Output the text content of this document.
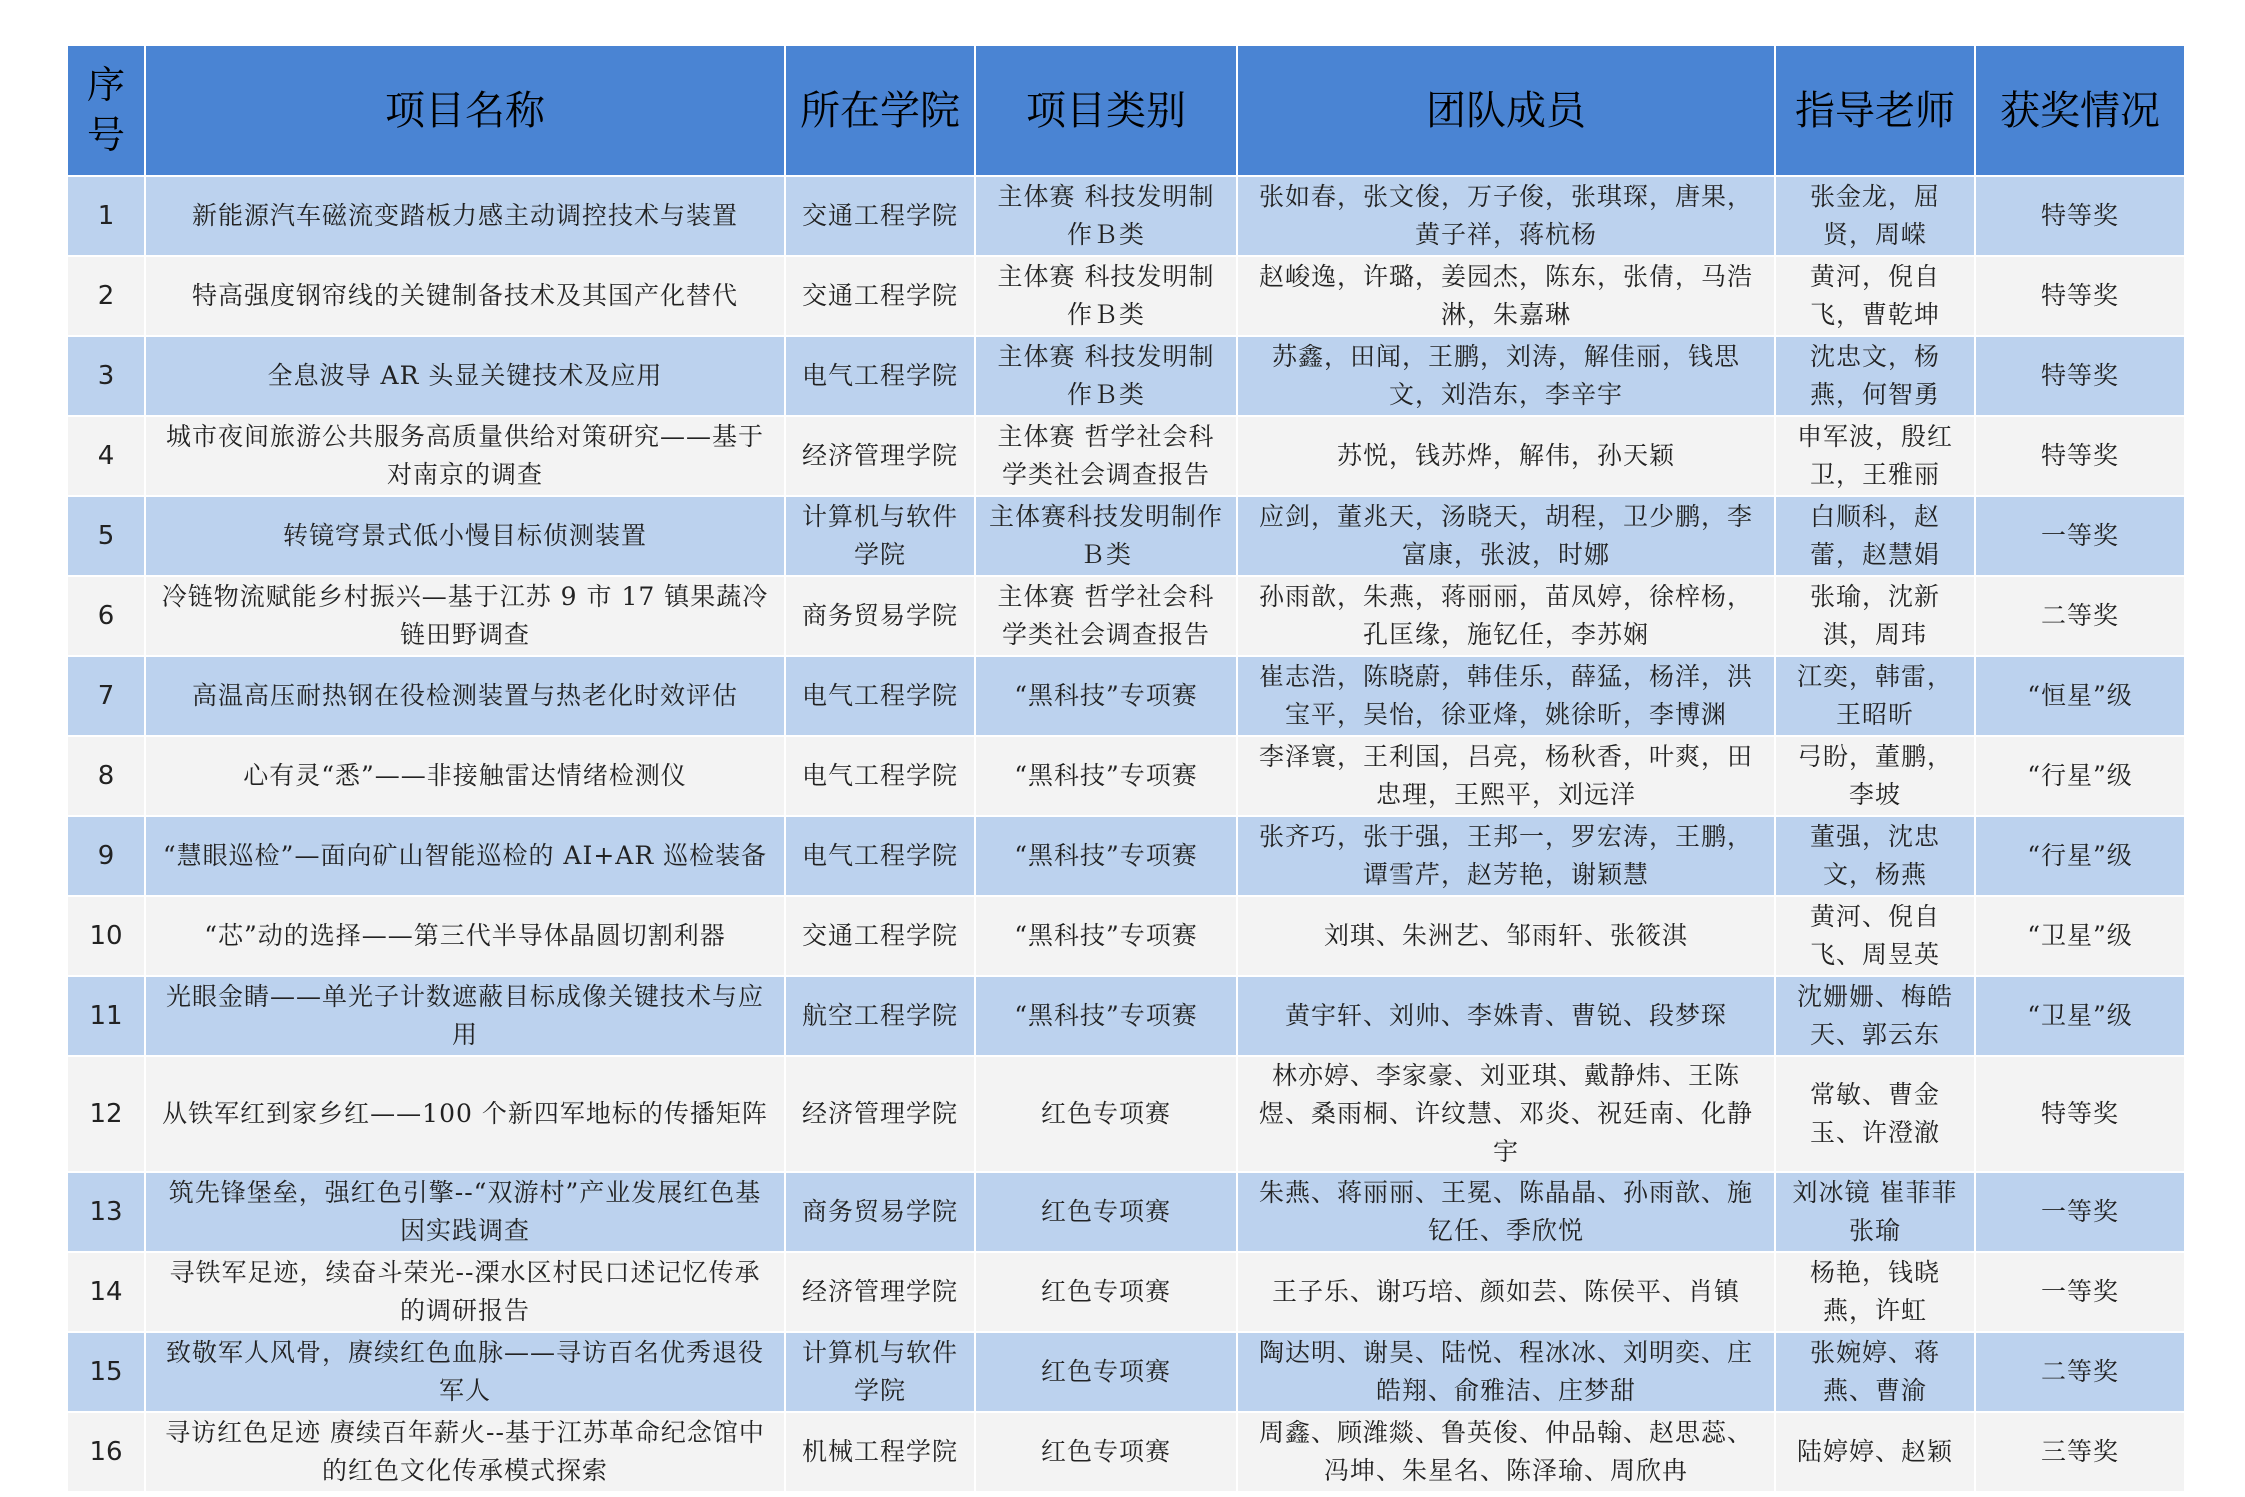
序号	项目名称	所在学院	项目类别	团队成员	指导老师	获奖情况
1	新能源汽车磁流变踏板力感主动调控技术与装置	交通工程学院	主体赛 科技发明制作Ｂ类	张如春，张文俊，万子俊，张琪琛，唐果，黄子祥，蒋杭杨	张金龙，屈贤，周嵘	特等奖
2	特高强度钢帘线的关键制备技术及其国产化替代	交通工程学院	主体赛 科技发明制作Ｂ类	赵峻逸，许璐，姜园杰，陈东，张倩，马浩淋，朱嘉琳	黄河，倪自飞，曹乾坤	特等奖
3	全息波导 AR 头显关键技术及应用	电气工程学院	主体赛 科技发明制作Ｂ类	苏鑫，田闻，王鹏，刘涛，解佳丽，钱思文，刘浩东，李辛宇	沈忠文，杨燕，何智勇	特等奖
4	城市夜间旅游公共服务高质量供给对策研究——基于对南京的调查	经济管理学院	主体赛 哲学社会科学类社会调查报告	苏悦，钱苏烨，解伟，孙天颖	申军波，殷红卫，王雅丽	特等奖
5	转镜穹景式低小慢目标侦测装置	计算机与软件学院	主体赛科技发明制作Ｂ类	应剑，董兆天，汤晓天，胡程，卫少鹏，李富康，张波，时娜	白顺科，赵蕾，赵慧娟	一等奖
6	冷链物流赋能乡村振兴—基于江苏 9 市 17 镇果蔬冷链田野调查	商务贸易学院	主体赛 哲学社会科学类社会调查报告	孙雨歆，朱燕，蒋丽丽，苗凤婷，徐梓杨，孔匡缘，施钇任，李苏娴	张瑜，沈新淇，周玮	二等奖
7	高温高压耐热钢在役检测装置与热老化时效评估	电气工程学院	“黑科技”专项赛	崔志浩，陈晓蔚，韩佳乐，薛猛，杨洋，洪宝平，吴怡，徐亚烽，姚徐昕，李博渊	江奕，韩雷，王昭昕	“恒星”级
8	心有灵“悉”——非接触雷达情绪检测仪	电气工程学院	“黑科技”专项赛	李泽寰，王利国，吕亮，杨秋香，叶爽，田忠理，王熙平，刘远洋	弓盼，董鹏，李坡	“行星”级
9	“慧眼巡检”—面向矿山智能巡检的 AI+AR 巡检装备	电气工程学院	“黑科技”专项赛	张齐巧，张于强，王邦一，罗宏涛，王鹏，谭雪芹，赵芳艳，谢颖慧	董强，沈忠文，杨燕	“行星”级
10	“芯”动的选择——第三代半导体晶圆切割利器	交通工程学院	“黑科技”专项赛	刘琪、朱洲艺、邹雨轩、张筱淇	黄河、倪自飞、周昱英	“卫星”级
11	光眼金睛——单光子计数遮蔽目标成像关键技术与应用	航空工程学院	“黑科技”专项赛	黄宇轩、刘帅、李姝青、曹锐、段梦琛	沈姗姗、梅皓天、郭云东	“卫星”级
12	从铁军红到家乡红——100 个新四军地标的传播矩阵	经济管理学院	红色专项赛	林亦婷、李家豪、刘亚琪、戴静炜、王陈煜、桑雨桐、许纹慧、邓炎、祝廷南、化静宇	常敏、曹金玉、许澄澈	特等奖
13	筑先锋堡垒，强红色引擎--“双游村”产业发展红色基因实践调查	商务贸易学院	红色专项赛	朱燕、蒋丽丽、王冕、陈晶晶、孙雨歆、施钇任、季欣悦	刘冰镜 崔菲菲 张瑜	一等奖
14	寻铁军足迹，续奋斗荣光--溧水区村民口述记忆传承的调研报告	经济管理学院	红色专项赛	王子乐、谢巧培、颜如芸、陈侯平、肖镇	杨艳，钱晓燕，许虹	一等奖
15	致敬军人风骨，赓续红色血脉——寻访百名优秀退役军人	计算机与软件学院	红色专项赛	陶达明、谢昊、陆悦、程冰冰、刘明奕、庄皓翔、俞雅洁、庄梦甜	张婉婷、蒋燕、曹渝	二等奖
16	寻访红色足迹 赓续百年薪火--基于江苏革命纪念馆中的红色文化传承模式探索	机械工程学院	红色专项赛	周鑫、顾潍燚、鲁英俊、仲品翰、赵思蕊、冯坤、朱星名、陈泽瑜、周欣冉	陆婷婷、赵颖	三等奖
